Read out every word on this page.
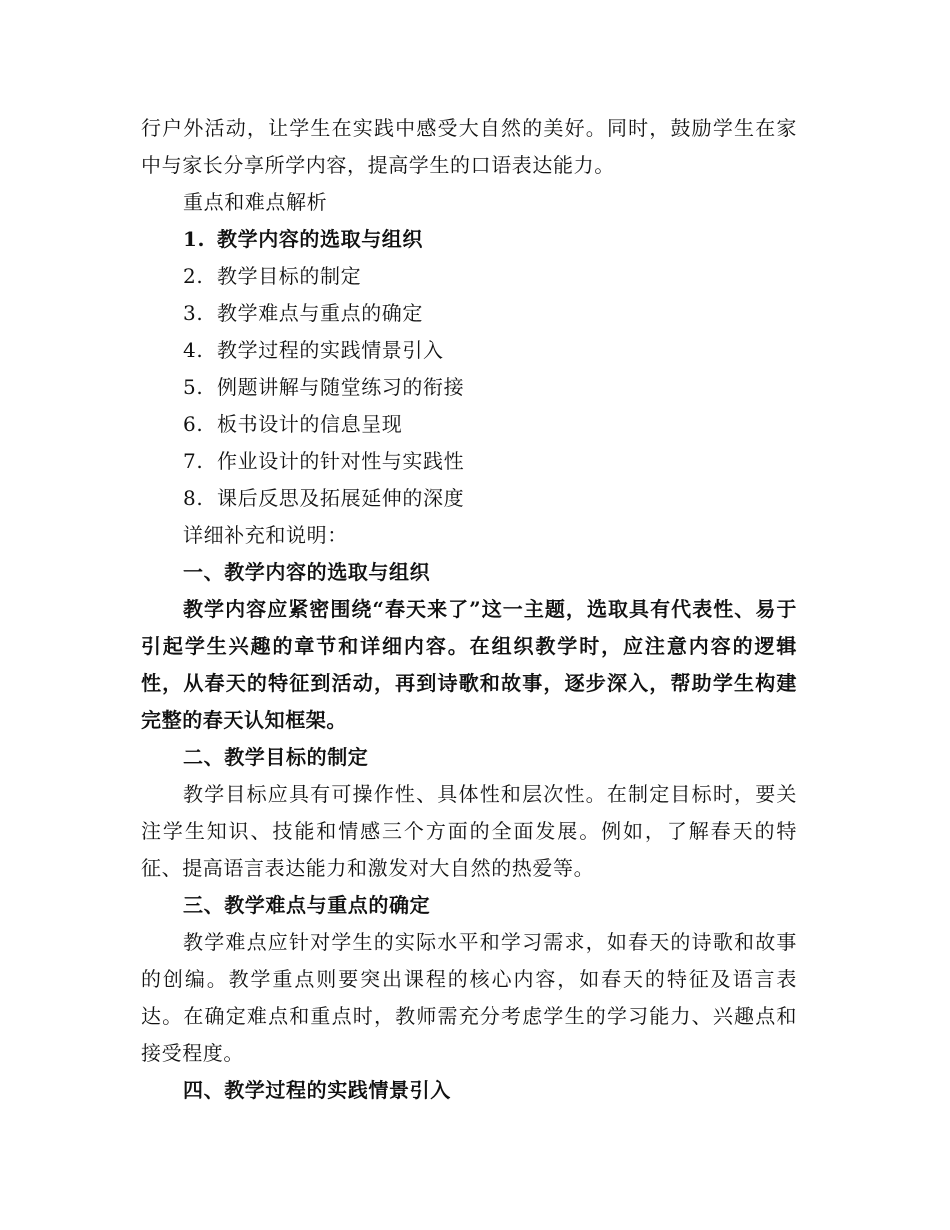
行户外活动，让学生在实践中感受大自然的美好。同时，鼓励学生在家中与家长分享所学内容，提高学生的口语表达能力。
重点和难点解析
1. 教学内容的选取与组织
2. 教学目标的制定
3. 教学难点与重点的确定
4. 教学过程的实践情景引入
5. 例题讲解与随堂练习的衔接
6. 板书设计的信息呈现
7. 作业设计的针对性与实践性
8. 课后反思及拓展延伸的深度
详细补充和说明：
一、教学内容的选取与组织
教学内容应紧密围绕“春天来了”这一主题，选取具有代表性、易于引起学生兴趣的章节和详细内容。在组织教学时，应注意内容的逻辑性，从春天的特征到活动，再到诗歌和故事，逐步深入，帮助学生构建完整的春天认知框架。
二、教学目标的制定
教学目标应具有可操作性、具体性和层次性。在制定目标时，要关注学生知识、技能和情感三个方面的全面发展。例如，了解春天的特征、提高语言表达能力和激发对大自然的热爱等。
三、教学难点与重点的确定
教学难点应针对学生的实际水平和学习需求，如春天的诗歌和故事的创编。教学重点则要突出课程的核心内容，如春天的特征及语言表达。在确定难点和重点时，教师需充分考虑学生的学习能力、兴趣点和接受程度。
四、教学过程的实践情景引入
